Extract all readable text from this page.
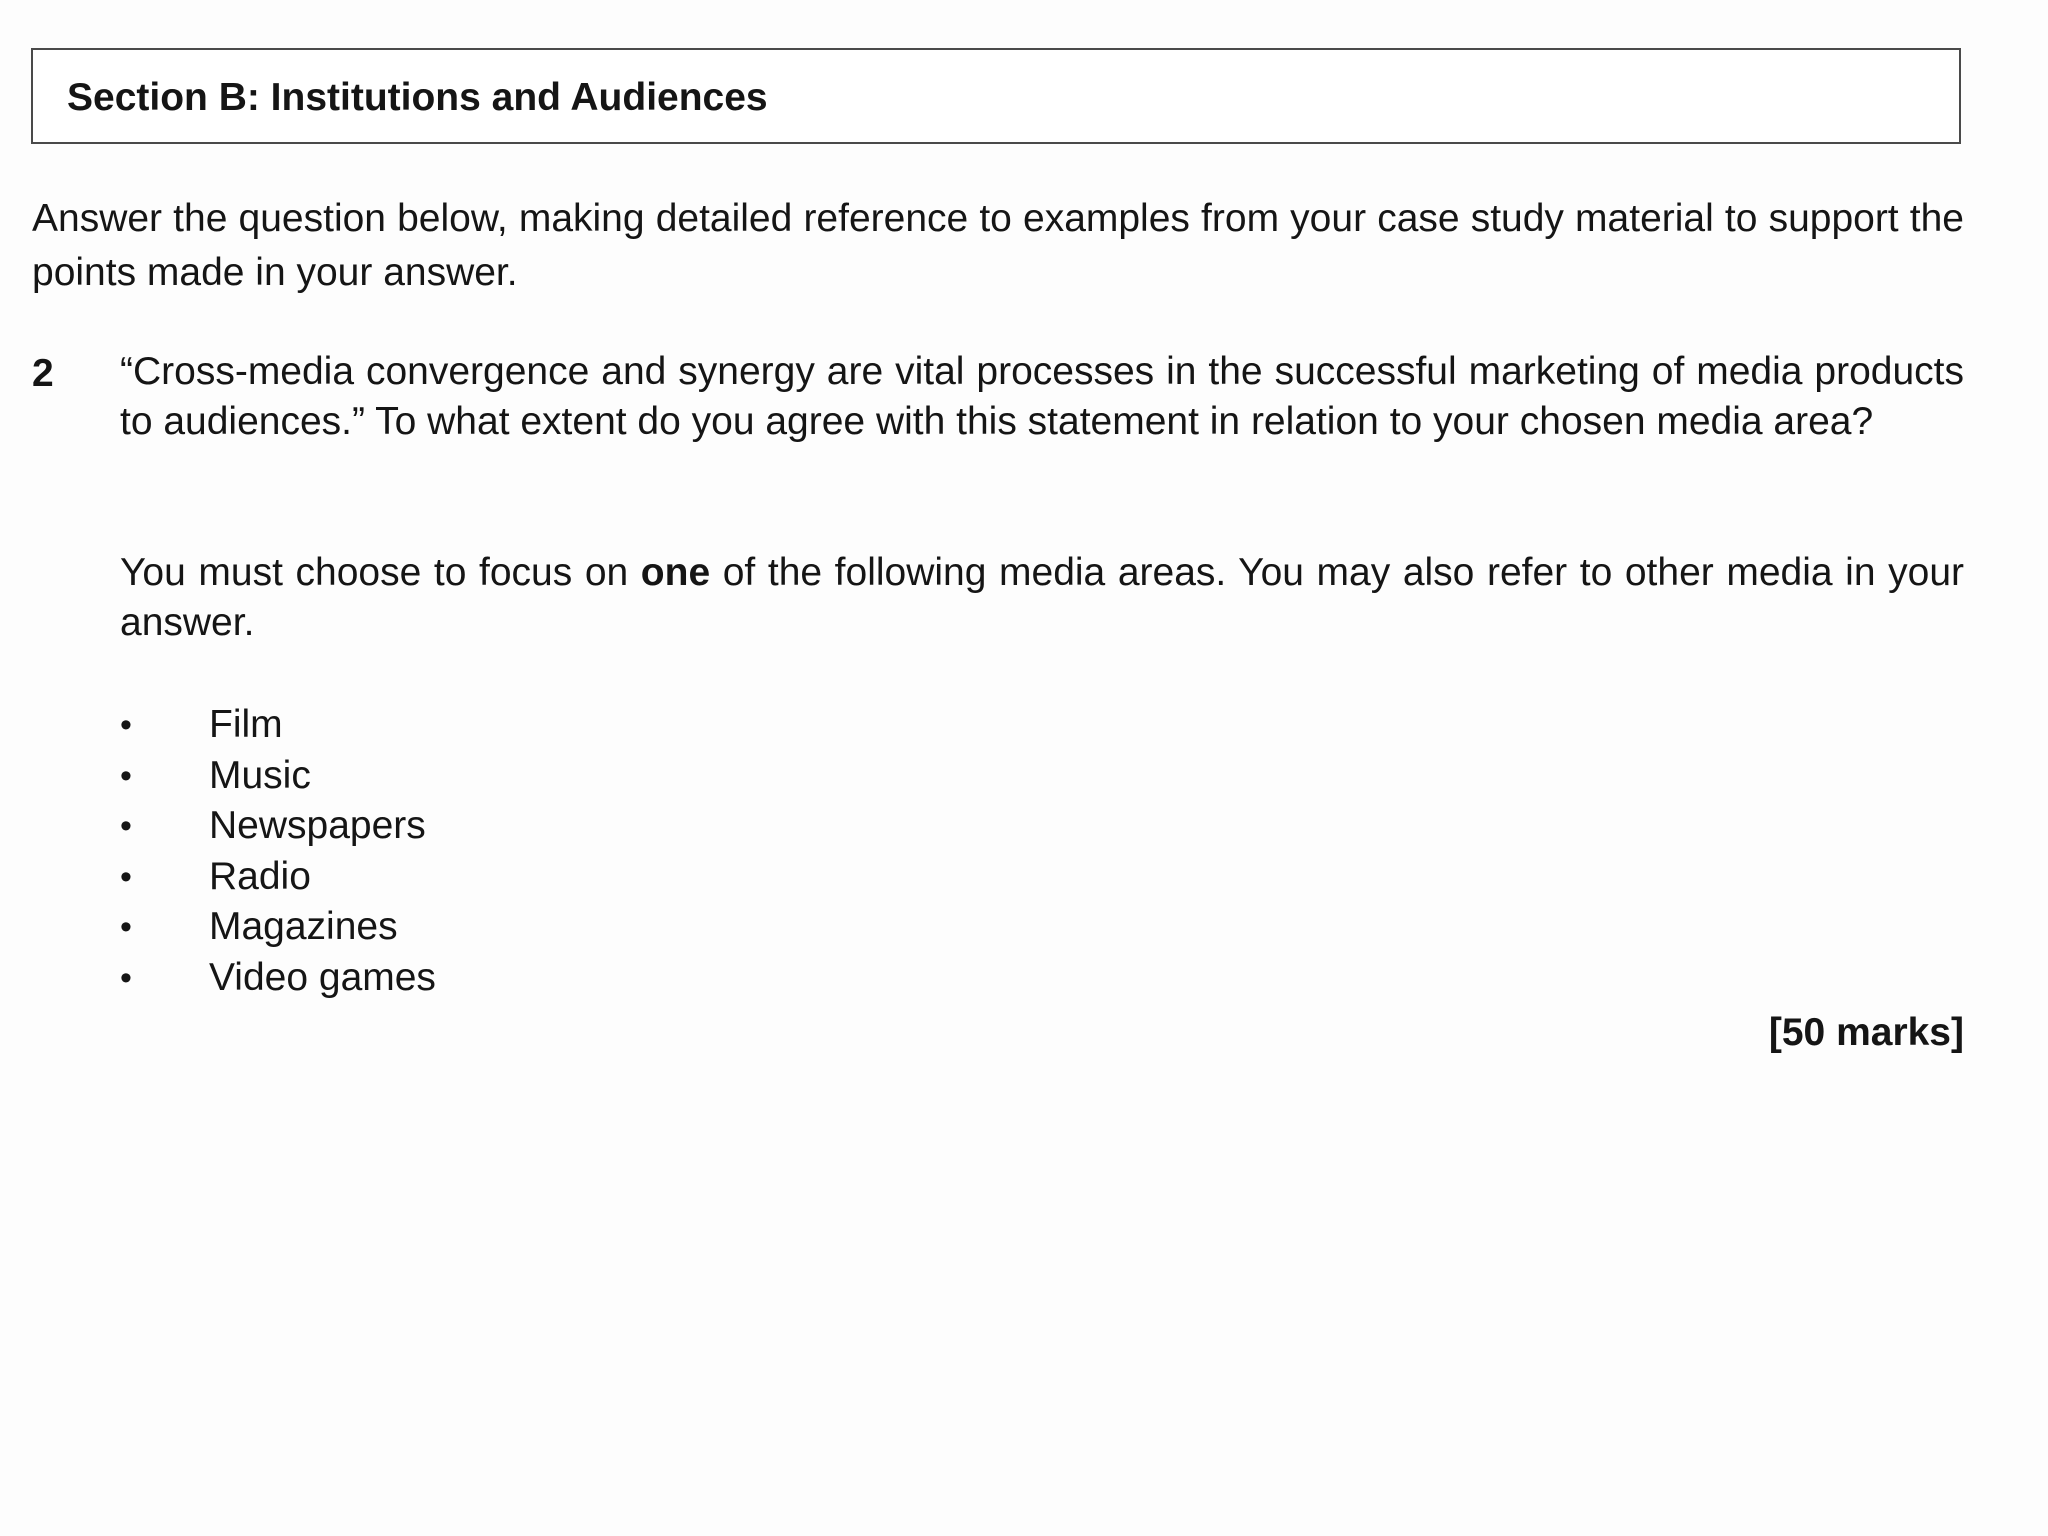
Section B: Institutions and Audiences

Answer the question below, making detailed reference to examples from your case study material to support the points made in your answer.

2 “Cross-media convergence and synergy are vital processes in the successful marketing of media products to audiences.” To what extent do you agree with this statement in relation to your chosen media area?

You must choose to focus on one of the following media areas. You may also refer to other media in your answer.

• Film
• Music
• Newspapers
• Radio
• Magazines
• Video games
[50 marks]
